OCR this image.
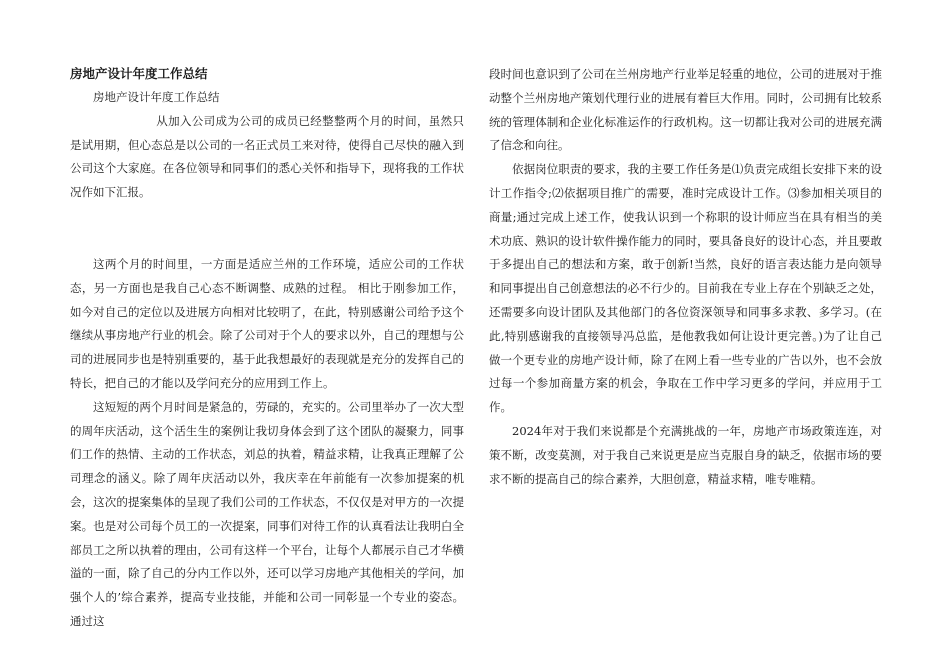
房地产设计年度工作总结

房地产设计年度工作总结

从加入公司成为公司的成员已经整整两个月的时间，虽然只是试用期，但心态总是以公司的一名正式员工来对待，使得自己尽快的融入到公司这个大家庭。在各位领导和同事们的悉心关怀和指导下，现将我的工作状况作如下汇报。

这两个月的时间里，一方面是适应兰州的工作环境，适应公司的工作状态，另一方面也是我自己心态不断调整、成熟的过程。 相比于刚参加工作，如今对自己的定位以及进展方向相对比较明了，在此，特别感谢公司给予这个继续从事房地产行业的机会。除了公司对于个人的要求以外，自己的理想与公司的进展同步也是特别重要的，基于此我想最好的表现就是充分的发挥自己的特长，把自己的才能以及学问充分的应用到工作上。

这短短的两个月时间是紧急的，劳碌的，充实的。公司里举办了一次大型的周年庆活动，这个活生生的案例让我切身体会到了这个团队的凝聚力，同事们工作的热情、主动的工作状态，刘总的执着，精益求精，让我真正理解了公司理念的涵义。除了周年庆活动以外，我庆幸在年前能有一次参加提案的机会，这次的提案集体的呈现了我们公司的工作状态，不仅仅是对甲方的一次提案。也是对公司每个员工的一次提案，同事们对待工作的认真看法让我明白全部员工之所以执着的理由，公司有这样一个平台，让每个人都展示自己才华横溢的一面，除了自己的分内工作以外，还可以学习房地产其他相关的学问，加强个人的’综合素养，提高专业技能，并能和公司一同彰显一个专业的姿态。通过这

段时间也意识到了公司在兰州房地产行业举足轻重的地位，公司的进展对于推动整个兰州房地产策划代理行业的进展有着巨大作用。同时，公司拥有比较系统的管理体制和企业化标准运作的行政机构。这一切都让我对公司的进展充满了信念和向往。

依据岗位职责的要求，我的主要工作任务是⑴负责完成组长安排下来的设计工作指令;⑵依据项目推广的需要，准时完成设计工作。⑶参加相关项目的商量;通过完成上述工作，使我认识到一个称职的设计师应当在具有相当的美术功底、熟识的设计软件操作能力的同时，要具备良好的设计心态，并且要敢于多提出自己的想法和方案，敢于创新!当然，良好的语言表达能力是向领导和同事提出自己创意想法的必不行少的。目前我在专业上存在个别缺乏之处，还需要多向设计团队及其他部门的各位资深领导和同事多求教、多学习。(在此,特别感谢我的直接领导冯总监，是他教我如何让设计更完善。)为了让自己做一个更专业的房地产设计师，除了在网上看一些专业的广告以外，也不会放过每一个参加商量方案的机会，争取在工作中学习更多的学问，并应用于工作。

2024年对于我们来说都是个充满挑战的一年，房地产市场政策连连，对策不断，改变莫测，对于我自己来说更是应当克服自身的缺乏，依据市场的要求不断的提高自己的综合素养，大胆创意，精益求精，唯专唯精。
